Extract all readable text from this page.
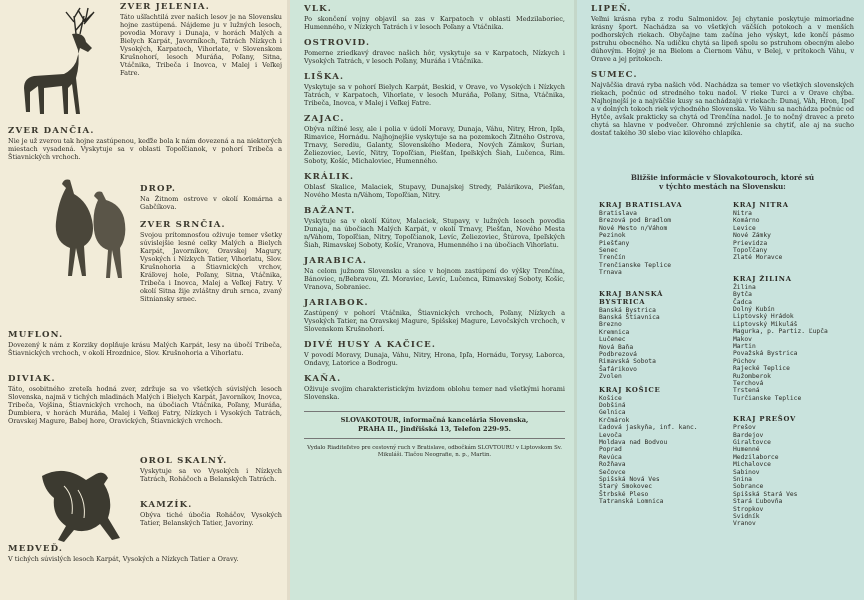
ZVER JELENIA.
Táto ušľachtilá zver našich lesov je na Slovensku hojne zastúpená. Nájdeme ju v lužných lesoch, povodia Moravy i Dunaja, v horách Malých a Bielych Karpát, Javorníkoch, Tatrách Nízkych i Vysokých, Karpatoch, Vihorlate, v Slovenskom Krušnohorí, lesoch Muráňa, Poľany, Sitna, Vtáčnika, Tribeča i Inovca, v Malej i Veľkej Fatre.
ZVER DANČIA.
Nie je už zverou tak hojne zastúpenou, keďže bola k nám dovezená a na niektorých miestach vysadená. Vyskytuje sa v oblasti Topoľčianok, v pohorí Tribeča a Štiavnických vrchoch.
DROP.
Na Žitnom ostrove v okolí Komárna a Gabčíkova.
ZVER SRNČIA.
Svojou prítomnosťou oživuje temer všetky súvislejšie lesné celky Malých a Bielych Karpát, Javorníkov, Oravskej Magury, Vysokých i Nízkych Tatier, Vihorlatu, Slov. Krušnohoria a Štiavnických vrchov, Kráľovej hole, Poľany, Sitna, Vtáčnika, Tribeča i Inovca, Malej a Veľkej Fatry. V okolí Sitna žije zvláštny druh srnca, zvaný Sitniansky srnec.
MUFLON.
Dovezený k nám z Korziky doplňuje krásu Malých Karpát, lesy na úbočí Tribeča, Štiavnických vrchoch, v okolí Hrozdnice, Slov. Krušnohoria a Vihorlatu.
DIVIAK.
Táto, osobitného zreteľa hodná zver, zdržuje sa vo všetkých súvislých lesoch Slovenska, najmä v tichých mladinách Malých i Bielych Karpát, Javorníkov, Inovca, Tribeča, Vojšina, Štiavnických vrchoch, na úbočiach Vtáčnika, Poľany, Muráňa, Ďumbiera, v horách Muráňa, Malej i Veľkej Fatry, Nízkych i Vysokých Tatrách, Oravskej Magure, Babej hore, Oravických, Štiavnických vrchoch.
OROL SKALNÝ.
Vyskytuje sa vo Vysokých i Nízkych Tatrách, Roháčoch a Belanských Tatrách.
KAMZÍK.
Obýva tiché úbočia Roháčov, Vysokých Tatier, Belanských Tatier, Javoriny.
MEDVEĎ.
V tichých súvislých lesoch Karpát, Vysokých a Nízkych Tatier a Oravy.
VLK.
Po skončení vojny objavil sa zas v Karpatoch v oblasti Medzilaboriec, Humenného, v Nízkych Tatrách i v lesoch Poľany a Vtáčnika.
OSTROVID.
Pomerne zriedkavý dravec našich hôr, vyskytuje sa v Karpatoch, Nízkych i Vysokých Tatrách, v lesoch Poľany, Muráňa i Vtáčnika.
LIŠKA.
Vyskytuje sa v pohorí Bielych Karpát, Beskid, v Orave, vo Vysokých i Nízkych Tatrách, v Karpatoch, Vihorlate, v lesoch Muráňa, Poľany, Sitna, Vtáčnika, Tribeča, Inovca, v Malej i Veľkej Fatre.
ZAJAC.
Obýva nížiné lesy, ale i polia v údolí Moravy, Dunaja, Váhu, Nitry, Hron, Ipľa, Rimavice, Hornádu. Najhojnejšie vyskytuje sa na pozemkoch Žitného Ostrova, Trnavy, Serediu, Galanty, Slovenského Medera, Nových Zámkov, Šurian, Želiezoviec, Levíc, Nitry, Topoľčian, Piešťan, Ipeľských Šiah, Lučenca, Rim. Soboty, Košíc, Michaloviec, Humenného.
KRÁLIK.
Oblasť Skalice, Malaciek, Stupavy, Dunajskej Stredy, Palárikova, Piešťan, Nového Mesta n/Váhom, Topoľčian, Nitry.
BAŽANT.
Vyskytuje sa v okolí Kútov, Malaciek, Stupavy, v lužných lesoch povodia Dunaja, na úbočiach Malých Karpát, v okolí Trnavy, Piešťan, Nového Mesta n/Váhom, Topoľčian, Nitry, Topoľčianok, Levíc, Želiezoviec, Štúrova, Ipeľských Šiah, Rimavskej Soboty, Košíc, Vranova, Humenného i na úbočiach Vihorlatu.
JARABICA.
Na celom južnom Slovensku a síce v hojnom zastúpení do výšky Trenčína, Bánoviec, n/Bebravou, Zl. Moraviec, Levíc, Lučenca, Rimavskej Soboty, Košíc, Vranova, Sobraniec.
JARIABOK.
Zastúpený v pohorí Vtáčnika, Štiavnických vrchoch, Poľany, Nízkych a Vysokých Tatier, na Oravskej Magure, Spišskej Magure, Levočských vrchoch, v Slovenskom Krušnohorí.
DIVÉ HUSY A KAČICE.
V povodí Moravy, Dunaja, Váhu, Nitry, Hrona, Ipľa, Hornádu, Torysy, Laborca, Ondavy, Latorice a Bodrogu.
KAŇA.
Oživuje svojim charakteristickým hvizdom oblohu temer nad všetkými horami Slovenska.
SLOVAKOTOUR, informačná kancelária Slovenska,
PRAHA II., Jindřišská 13, Telefon 229-95.
Vydalo Riaditeľstvo pre cestovný ruch v Bratislave, odbočkám SLOVTOURU v Liptovskom Sv. Mikuláši. Tlačou Neografie, n. p., Martin.
LIPEŇ.
Veľmi krásna ryba z rodu Salmonidov. Jej chytanie poskytuje mimoriadne krásny šport. Nachádza sa vo všetkých väčších potokoch a v menších podhorských riekach. Obyčajne tam začína jeho výskyt, kde končí pásmo pstruhu obecného. Na udičku chytá sa lipeň spolu so pstruhom obecným alebo dúhovým. Hojný je na Bielom a Čiernom Váhu, v Belej, v prítokoch Váhu, v Orave a jej prítokoch.
SUMEC.
Najväčšia dravá ryba našich vôd. Nachádza sa temer vo všetkých slovenských riekach, počnúc od stredného toku nadol. V rieke Turci a v Orave chýba. Najhojnejší je a najväčšie kusy sa nachádzajú v riekach: Dunaj, Váh, Hron, Ipeľ a v dolných tokoch riek východného Slovenska. Vo Váhu sa nachádza počnúc od Hytče, avšak prakticky sa chytá od Trenčína nadol. Je to nočný dravec a preto chytá sa hlavne v podvečer. Ohromné zrýchlenie sa chytiť, ale aj na sucho dostať takého 30 slebo viac kilového chlapíka.
Bližšie informácie v Slovakotouroch, ktoré sú
v týchto mestách na Slovensku:
KRAJ BRATISLAVA
Bratislava
Brezová pod Bradlom
Nové Mesto n/Váhom
Pezinok
Piešťany
Senec
Trenčín
Trenčianske Teplice
Trnava
KRAJ BANSKÁ BYSTRICA
Banská Bystrica
Banská Štiavnica
Brezno
Kremnica
Lučenec
Nová Baňa
Podbrezová
Rimavská Sobota
Šafárikovo
Zvolen
KRAJ KOŠICE
Košice
Dobšiná
Gelnica
Krčmárok
Ľadová jaskyňa, inf. kanc.
Levoča
Moldava nad Bodvou
Poprad
Revúca
Rožňava
Sečovce
Spišská Nová Ves
Starý Smokovec
Štrbské Pleso
Tatranská Lomnica
KRAJ NITRA
Nitra
Komárno
Levice
Nové Zámky
Prievidza
Topoľčany
Zlaté Moravce
KRAJ ŽILINA
Žilina
Bytča
Čadca
Dolný Kubín
Liptovský Hrádok
Liptovský Mikuláš
Magurka, p. Partiz. Ľupča
Makov
Martin
Považská Bystrica
Púchov
Rajecké Teplice
Ružomberok
Terchová
Trstená
Turčianske Teplice
KRAJ PREŠOV
Prešov
Bardejov
Giraltovce
Humenné
Medzilaborce
Michalovce
Sabinov
Snina
Sobrance
Spišská Stará Ves
Stará Ľubovňa
Stropkov
Svidník
Vranov
